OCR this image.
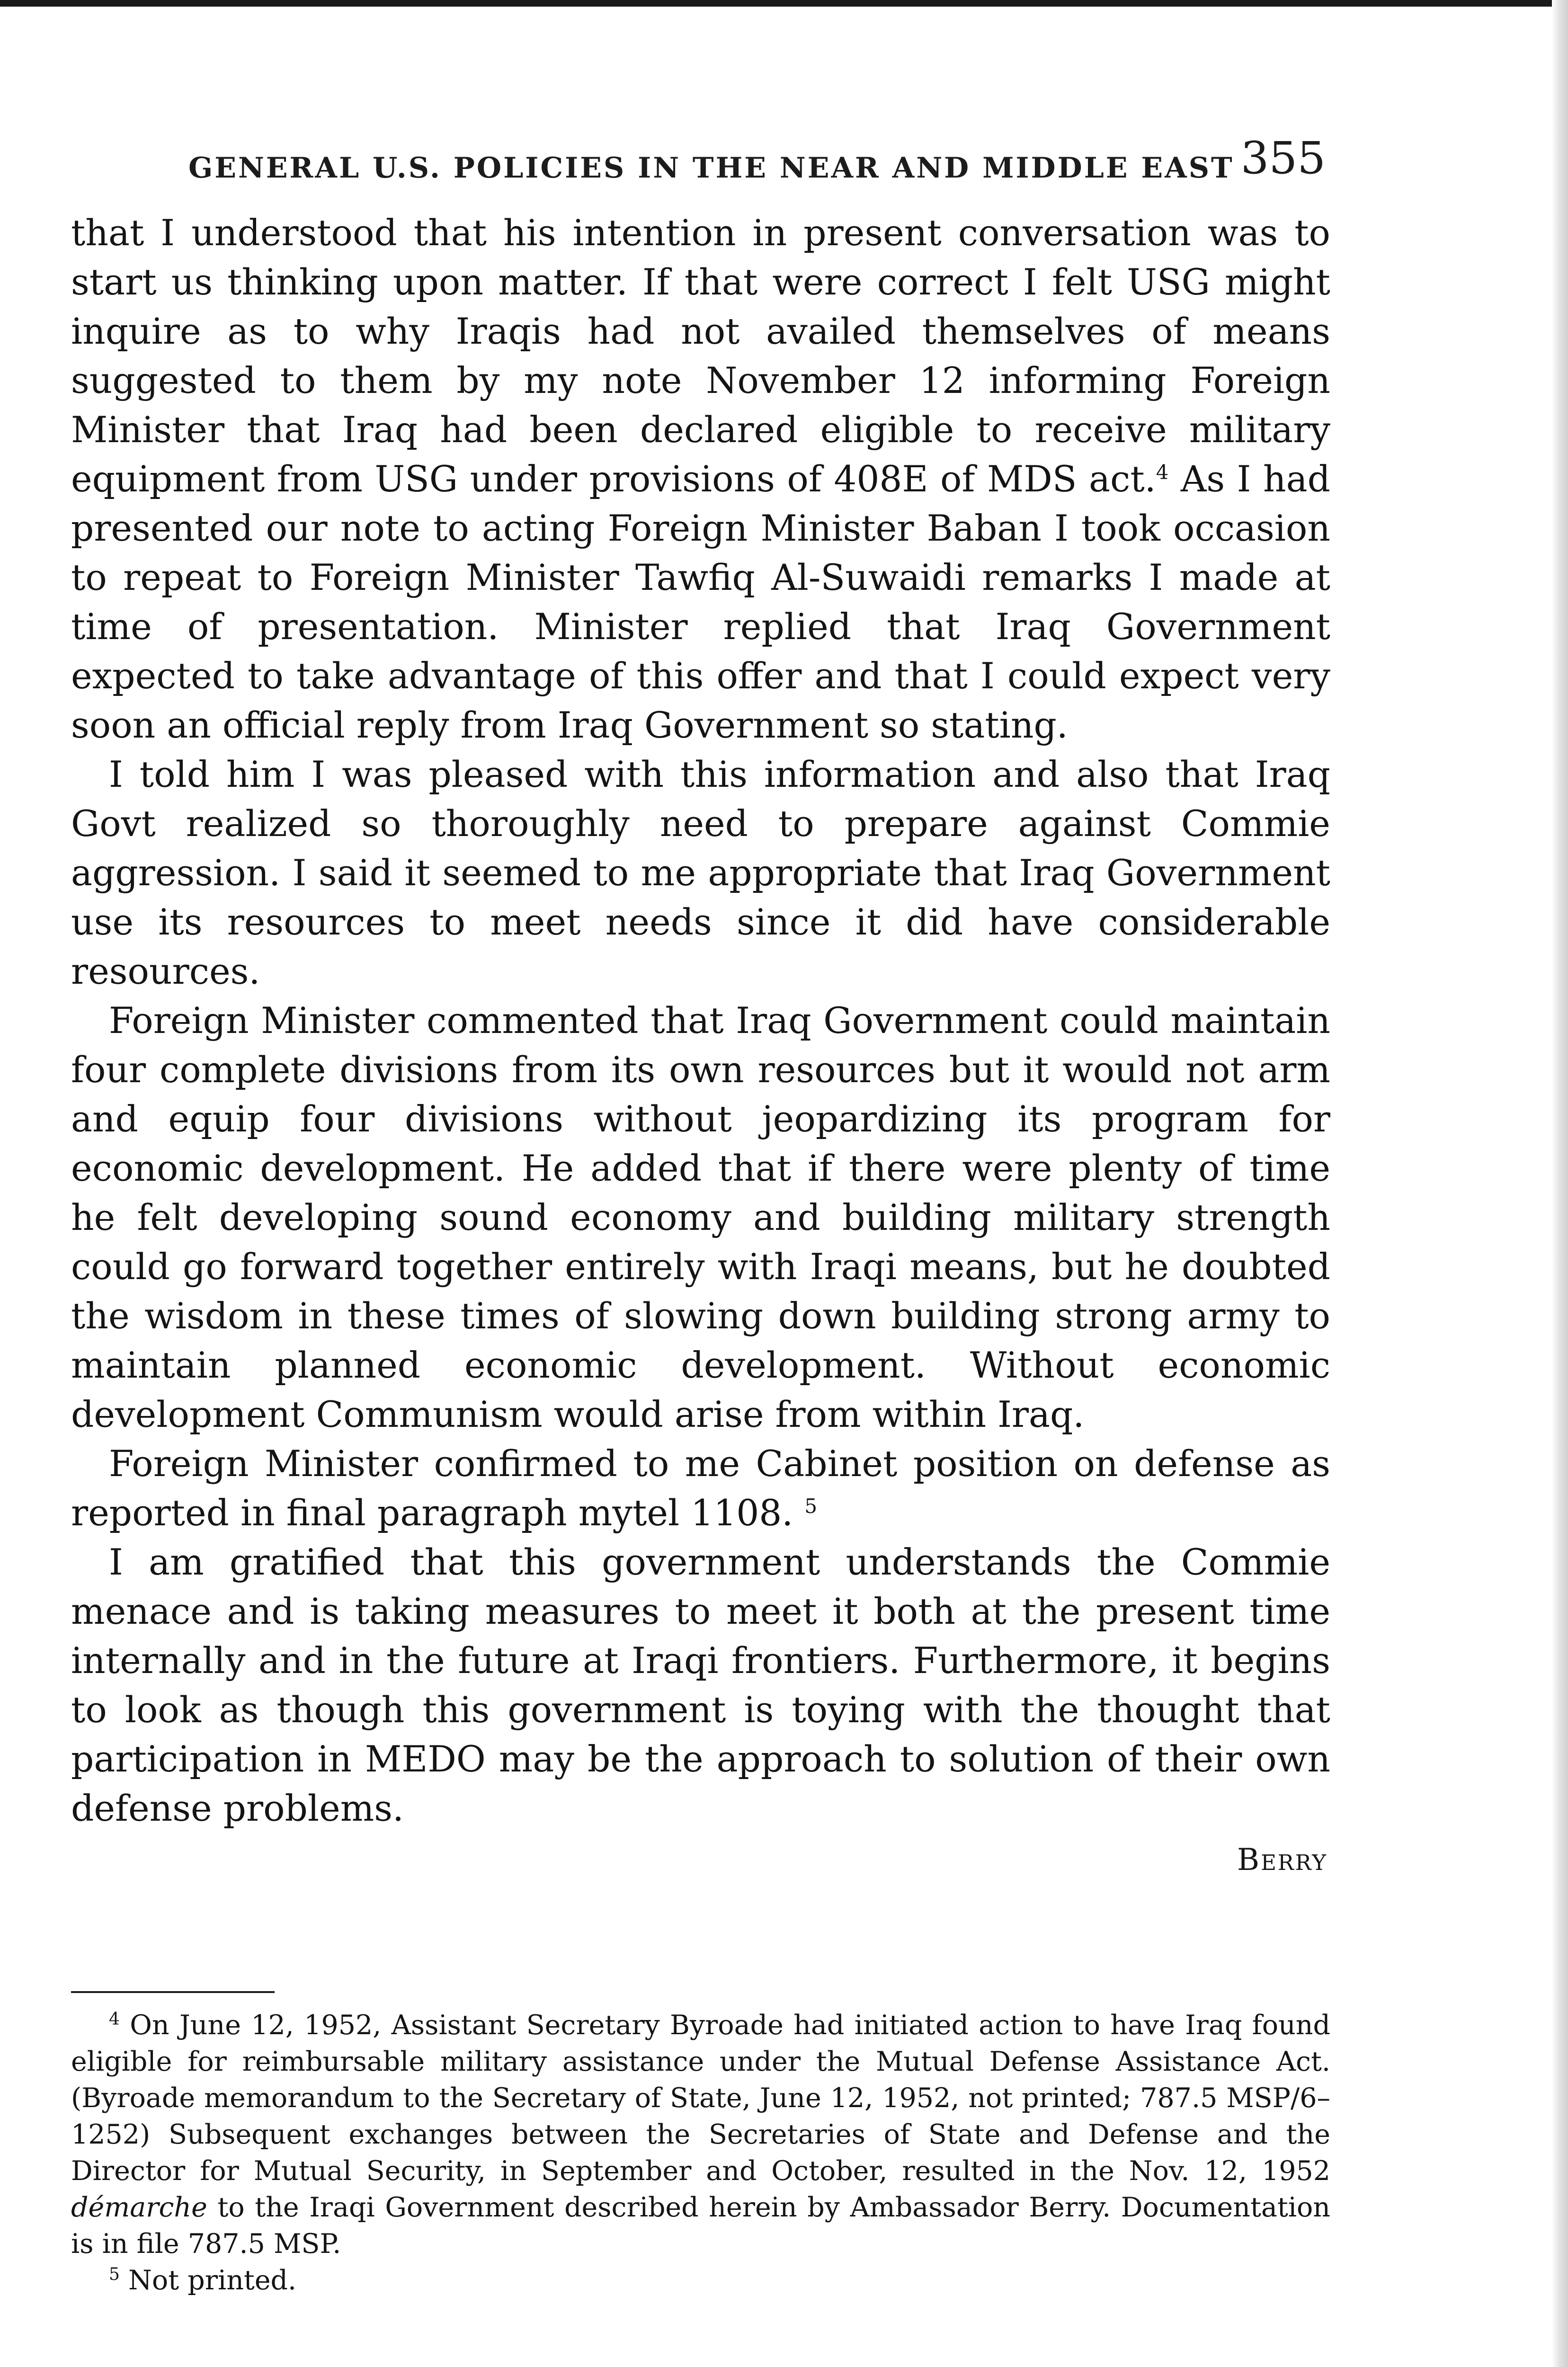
GENERAL U.S. POLICIES IN THE NEAR AND MIDDLE EAST 355

that I understood that his intention in present conversation was to start us thinking upon matter. If that were correct I felt USG might inquire as to why Iraqis had not availed themselves of means suggested to them by my note November 12 informing Foreign Minister that Iraq had been declared eligible to receive military equipment from USG under provisions of 408E of MDS act.$^4$ As I had presented our note to acting Foreign Minister Baban I took occasion to repeat to Foreign Minister Tawfiq Al-Suwaidi remarks I made at time of presentation. Minister replied that Iraq Government expected to take advantage of this offer and that I could expect very soon an official reply from Iraq Government so stating.

I told him I was pleased with this information and also that Iraq Govt realized so thoroughly need to prepare against Commie aggression. I said it seemed to me appropriate that Iraq Government use its resources to meet needs since it did have considerable resources.

Foreign Minister commented that Iraq Government could maintain four complete divisions from its own resources but it would not arm and equip four divisions without jeopardizing its program for economic development. He added that if there were plenty of time he felt developing sound economy and building military strength could go forward together entirely with Iraqi means, but he doubted the wisdom in these times of slowing down building strong army to maintain planned economic development. Without economic development Communism would arise from within Iraq.

Foreign Minister confirmed to me Cabinet position on defense as reported in final paragraph mytel 1108. $^5$

I am gratified that this government understands the Commie menace and is taking measures to meet it both at the present time internally and in the future at Iraqi frontiers. Furthermore, it begins to look as though this government is toying with the thought that participation in MEDO may be the approach to solution of their own defense problems.

Berry

$^4$ On June 12, 1952, Assistant Secretary Byroade had initiated action to have Iraq found eligible for reimbursable military assistance under the Mutual Defense Assistance Act. (Byroade memorandum to the Secretary of State, June 12, 1952, not printed; 787.5 MSP/6–1252) Subsequent exchanges between the Secretaries of State and Defense and the Director for Mutual Security, in September and October, resulted in the Nov. 12, 1952 démarche to the Iraqi Government described herein by Ambassador Berry. Documentation is in file 787.5 MSP.

$^5$ Not printed.
